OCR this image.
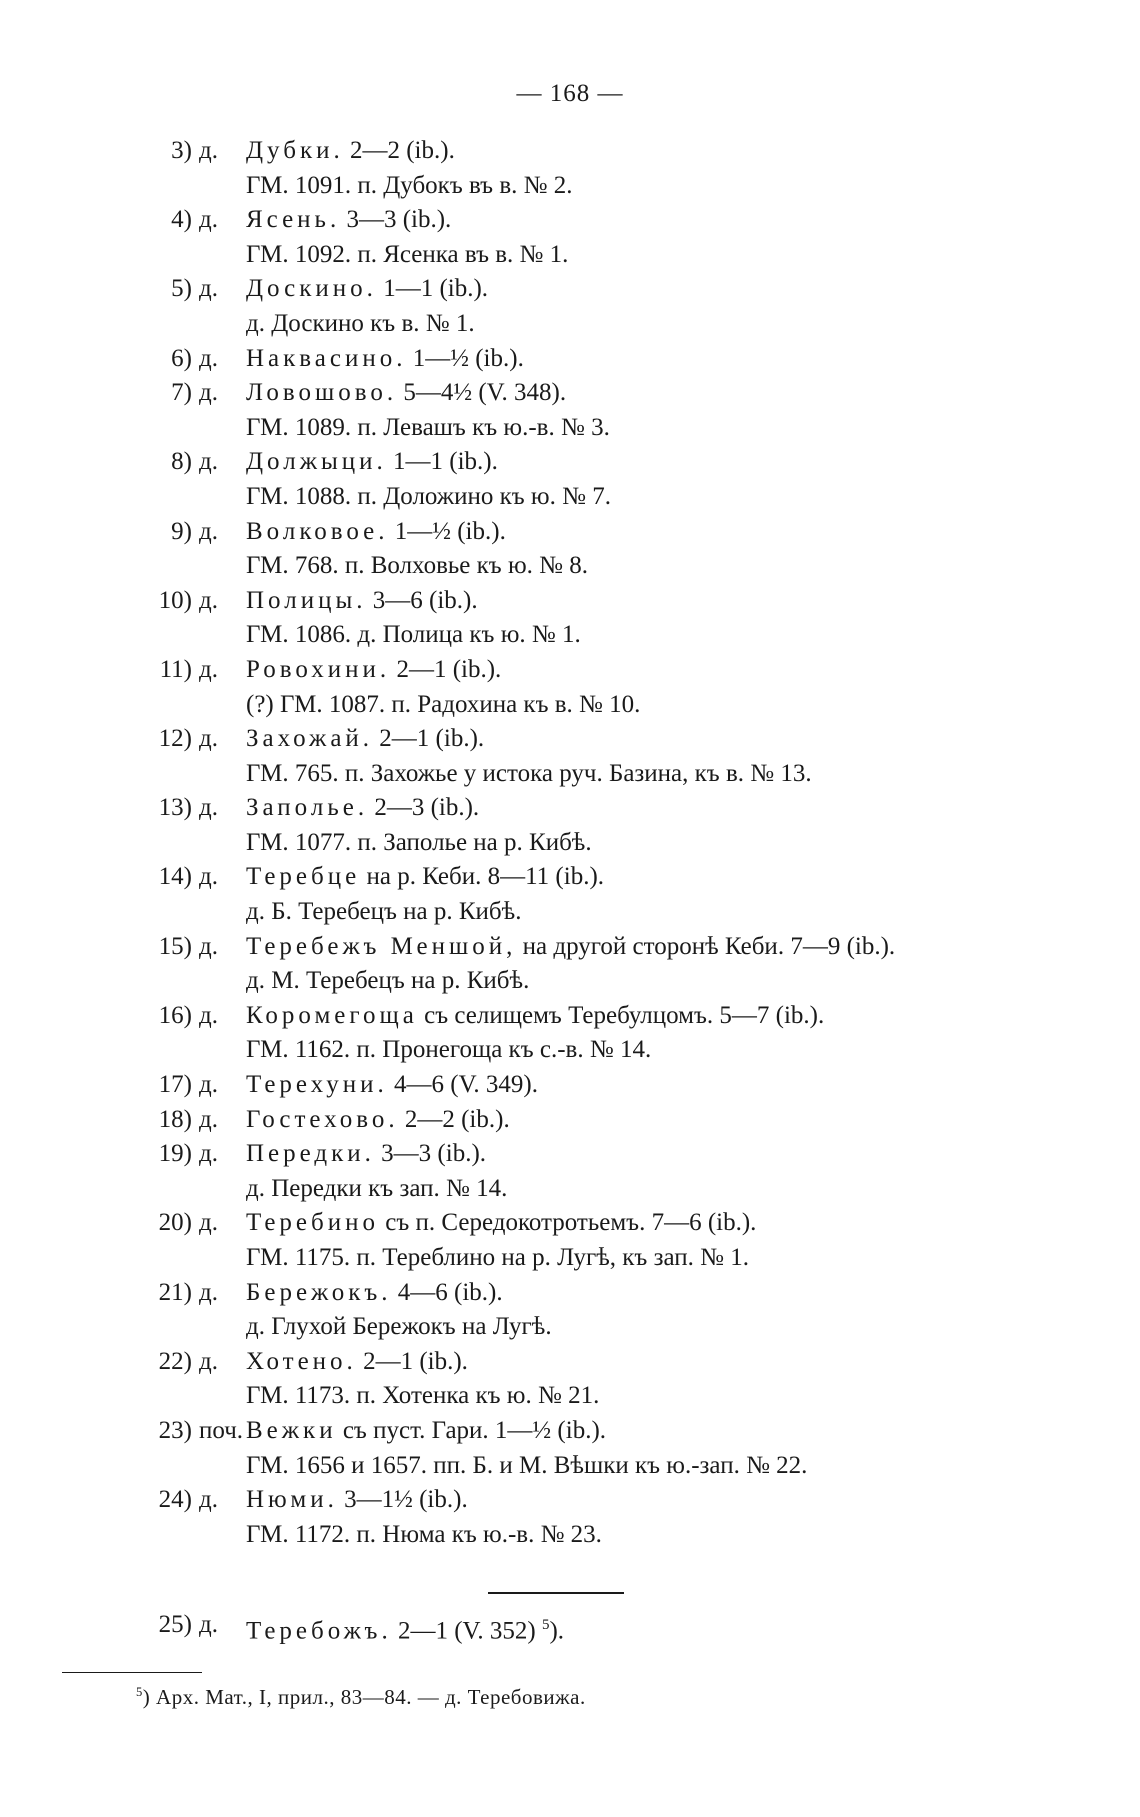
— 168 —
3) д. Дубки. 2—2 (ib.).
ГМ. 1091. п. Дубокъ въ в. № 2.
4) д. Ясень. 3—3 (ib.).
ГМ. 1092. п. Ясенка въ в. № 1.
5) д. Доскино. 1—1 (ib.).
д. Доскино къ в. № 1.
6) д. Наквасино. 1—½ (ib.).
7) д. Ловошово. 5—4½ (V. 348).
ГМ. 1089. п. Левашъ къ ю.-в. № 3.
8) д. Должыци. 1—1 (ib.).
ГМ. 1088. п. Доложино къ ю. № 7.
9) д. Волковое. 1—½ (ib.).
ГМ. 768. п. Волховье къ ю. № 8.
10) д. Полицы. 3—6 (ib.).
ГМ. 1086. д. Полица къ ю. № 1.
11) д. Ровохини. 2—1 (ib.).
(?) ГМ. 1087. п. Радохина къ в. № 10.
12) д. Захожай. 2—1 (ib.).
ГМ. 765. п. Захожье у истока руч. Базина, къ в. № 13.
13) д. Заполье. 2—3 (ib.).
ГМ. 1077. п. Заполье на р. Кибѣ.
14) д. Теребце на р. Кеби. 8—11 (ib.).
д. Б. Теребецъ на р. Кибѣ.
15) д. Теребежъ Меншой, на другой сторонѣ Кеби. 7—9 (ib.).
д. М. Теребецъ на р. Кибѣ.
16) д. Коромегоща съ селищемъ Теребулцомъ. 5—7 (ib.).
ГМ. 1162. п. Пронегоща къ с.-в. № 14.
17) д. Терехуни. 4—6 (V. 349).
18) д. Гостехово. 2—2 (ib.).
19) д. Передки. 3—3 (ib.).
д. Передки къ зап. № 14.
20) д. Теребино съ п. Середокотротьемъ. 7—6 (ib.).
ГМ. 1175. п. Тереблино на р. Лугѣ, къ зап. № 1.
21) д. Бережокъ. 4—6 (ib.).
д. Глухой Бережокъ на Лугѣ.
22) д. Хотено. 2—1 (ib.).
ГМ. 1173. п. Хотенка къ ю. № 21.
23) поч. Вежки съ пуст. Гари. 1—½ (ib.).
ГМ. 1656 и 1657. пп. Б. и М. Вѣшки къ ю.-зап. № 22.
24) д. Нюми. 3—1½ (ib.).
ГМ. 1172. п. Нюма къ ю.-в. № 23.
25) д. Теребожъ. 2—1 (V. 352) $^5$).
$^5$) Арх. Мат., I, прил., 83—84. — д. Теребовижа.
